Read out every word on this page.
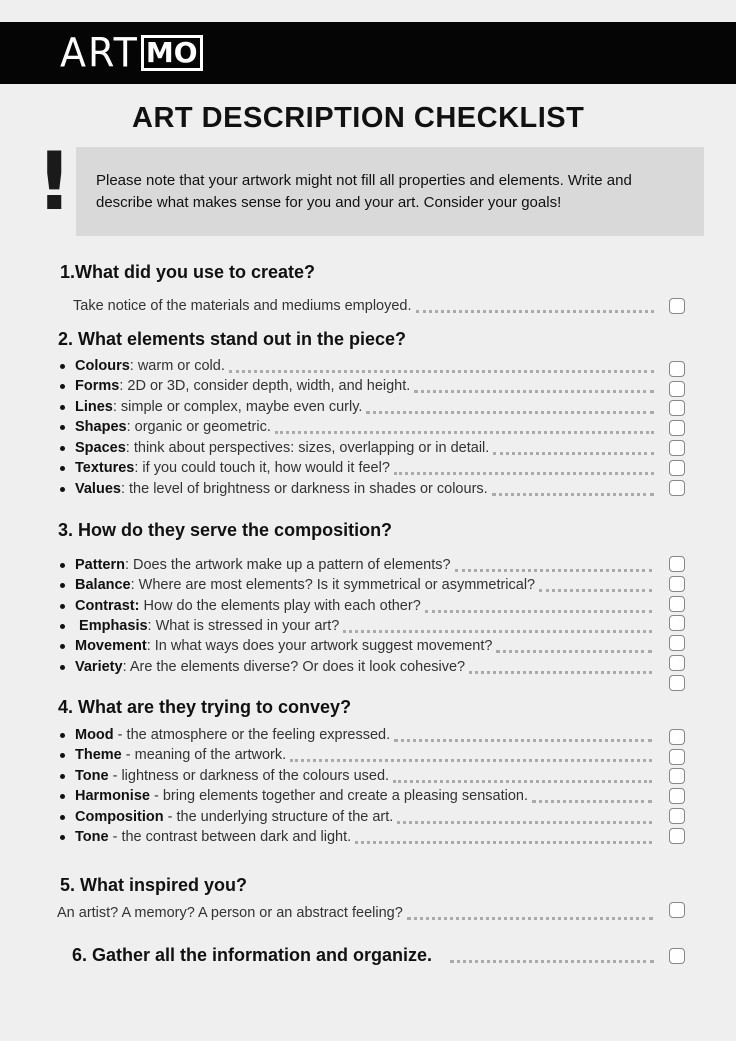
ART MO
ART DESCRIPTION CHECKLIST
!	Please note that your artwork might not fill all properties and elements. Write and describe what makes sense for you and your art. Consider your goals!
1.What did you use to create?
Take notice of the materials and mediums employed.
2. What elements stand out in the piece?
Colours: warm or cold.
Forms: 2D or 3D, consider depth, width, and height.
Lines: simple or complex, maybe even curly.
Shapes: organic or geometric.
Spaces: think about perspectives: sizes, overlapping or in detail.
Textures: if you could touch it, how would it feel?
Values: the level of brightness or darkness in shades or colours.
3. How do they serve the composition?
Pattern: Does the artwork make up a pattern of elements?
Balance: Where are most elements? Is it symmetrical or asymmetrical?
Contrast: How do the elements play with each other?
Emphasis: What is stressed in your art?
Movement: In what ways does your artwork suggest movement?
Variety: Are the elements diverse? Or does it look cohesive?
4. What are they trying to convey?
Mood - the atmosphere or the feeling expressed.
Theme - meaning of the artwork.
Tone - lightness or darkness of the colours used.
Harmonise - bring elements together and create a pleasing sensation.
Composition - the underlying structure of the art.
Tone - the contrast between dark and light.
5. What inspired you?
An artist? A memory? A person or an abstract feeling?
6. Gather all the information and organize.
